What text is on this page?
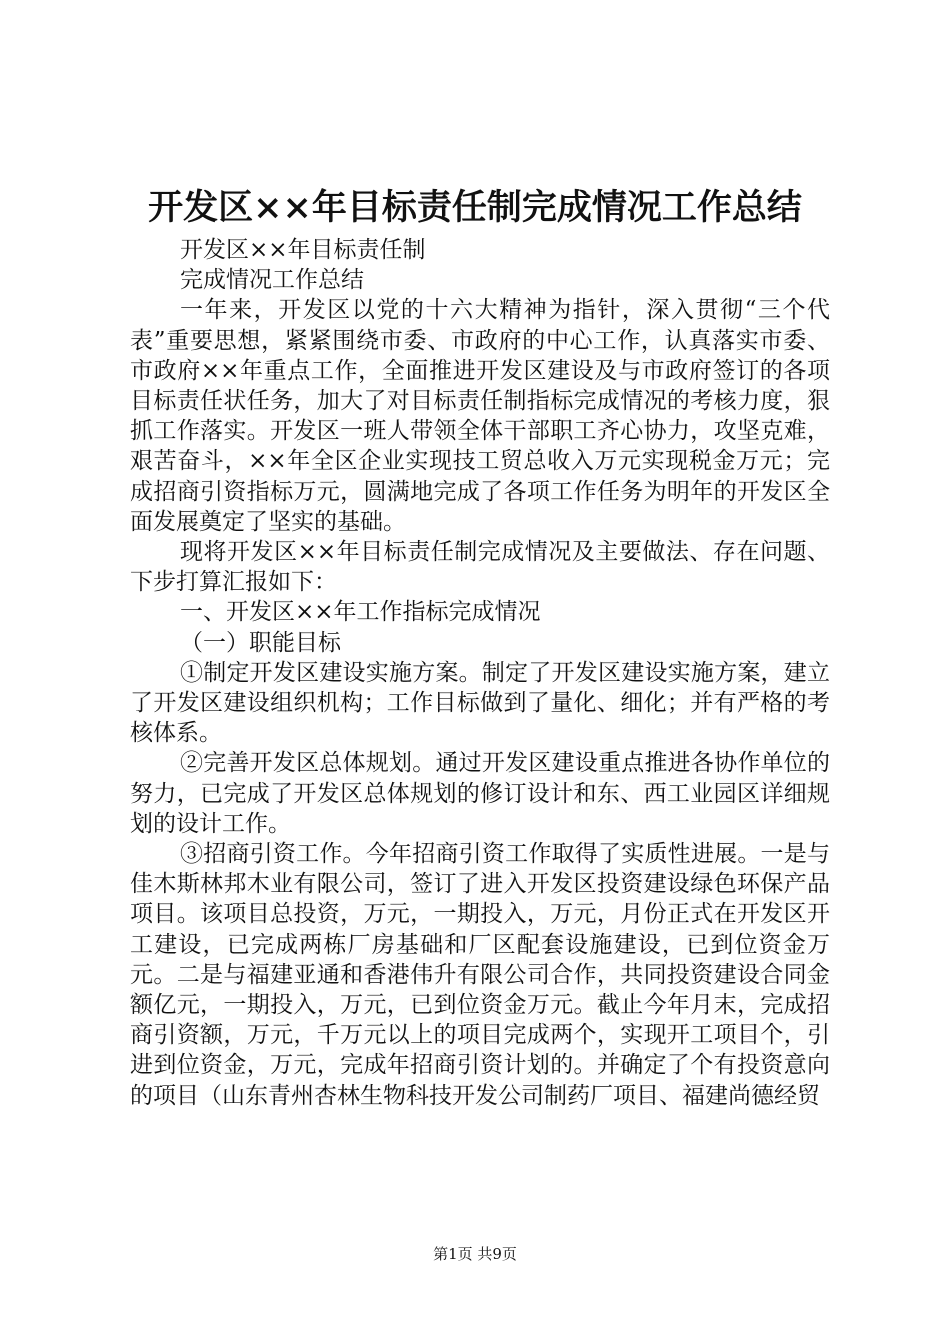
开发区××年目标责任制完成情况工作总结

开发区××年目标责任制

完成情况工作总结

一年来，开发区以党的十六大精神为指针，深入贯彻“三个代表”重要思想，紧紧围绕市委、市政府的中心工作，认真落实市委、市政府××年重点工作，全面推进开发区建设及与市政府签订的各项目标责任状任务，加大了对目标责任制指标完成情况的考核力度，狠抓工作落实。开发区一班人带领全体干部职工齐心协力，攻坚克难，艰苦奋斗，××年全区企业实现技工贸总收入万元实现税金万元；完成招商引资指标万元，圆满地完成了各项工作任务为明年的开发区全面发展奠定了坚实的基础。

现将开发区××年目标责任制完成情况及主要做法、存在问题、下步打算汇报如下：

一、开发区××年工作指标完成情况

（一）职能目标

①制定开发区建设实施方案。制定了开发区建设实施方案，建立了开发区建设组织机构；工作目标做到了量化、细化；并有严格的考核体系。

②完善开发区总体规划。通过开发区建设重点推进各协作单位的努力，已完成了开发区总体规划的修订设计和东、西工业园区详细规划的设计工作。

③招商引资工作。今年招商引资工作取得了实质性进展。一是与佳木斯林邦木业有限公司，签订了进入开发区投资建设绿色环保产品项目。该项目总投资，万元，一期投入，万元，月份正式在开发区开工建设，已完成两栋厂房基础和厂区配套设施建设，已到位资金万元。二是与福建亚通和香港伟升有限公司合作，共同投资建设合同金额亿元，一期投入，万元，已到位资金万元。截止今年月末，完成招商引资额，万元，千万元以上的项目完成两个，实现开工项目个，引进到位资金，万元，完成年招商引资计划的。并确定了个有投资意向的项目（山东青州杏林生物科技开发公司制药厂项目、福建尚德经贸

第1页 共9页
